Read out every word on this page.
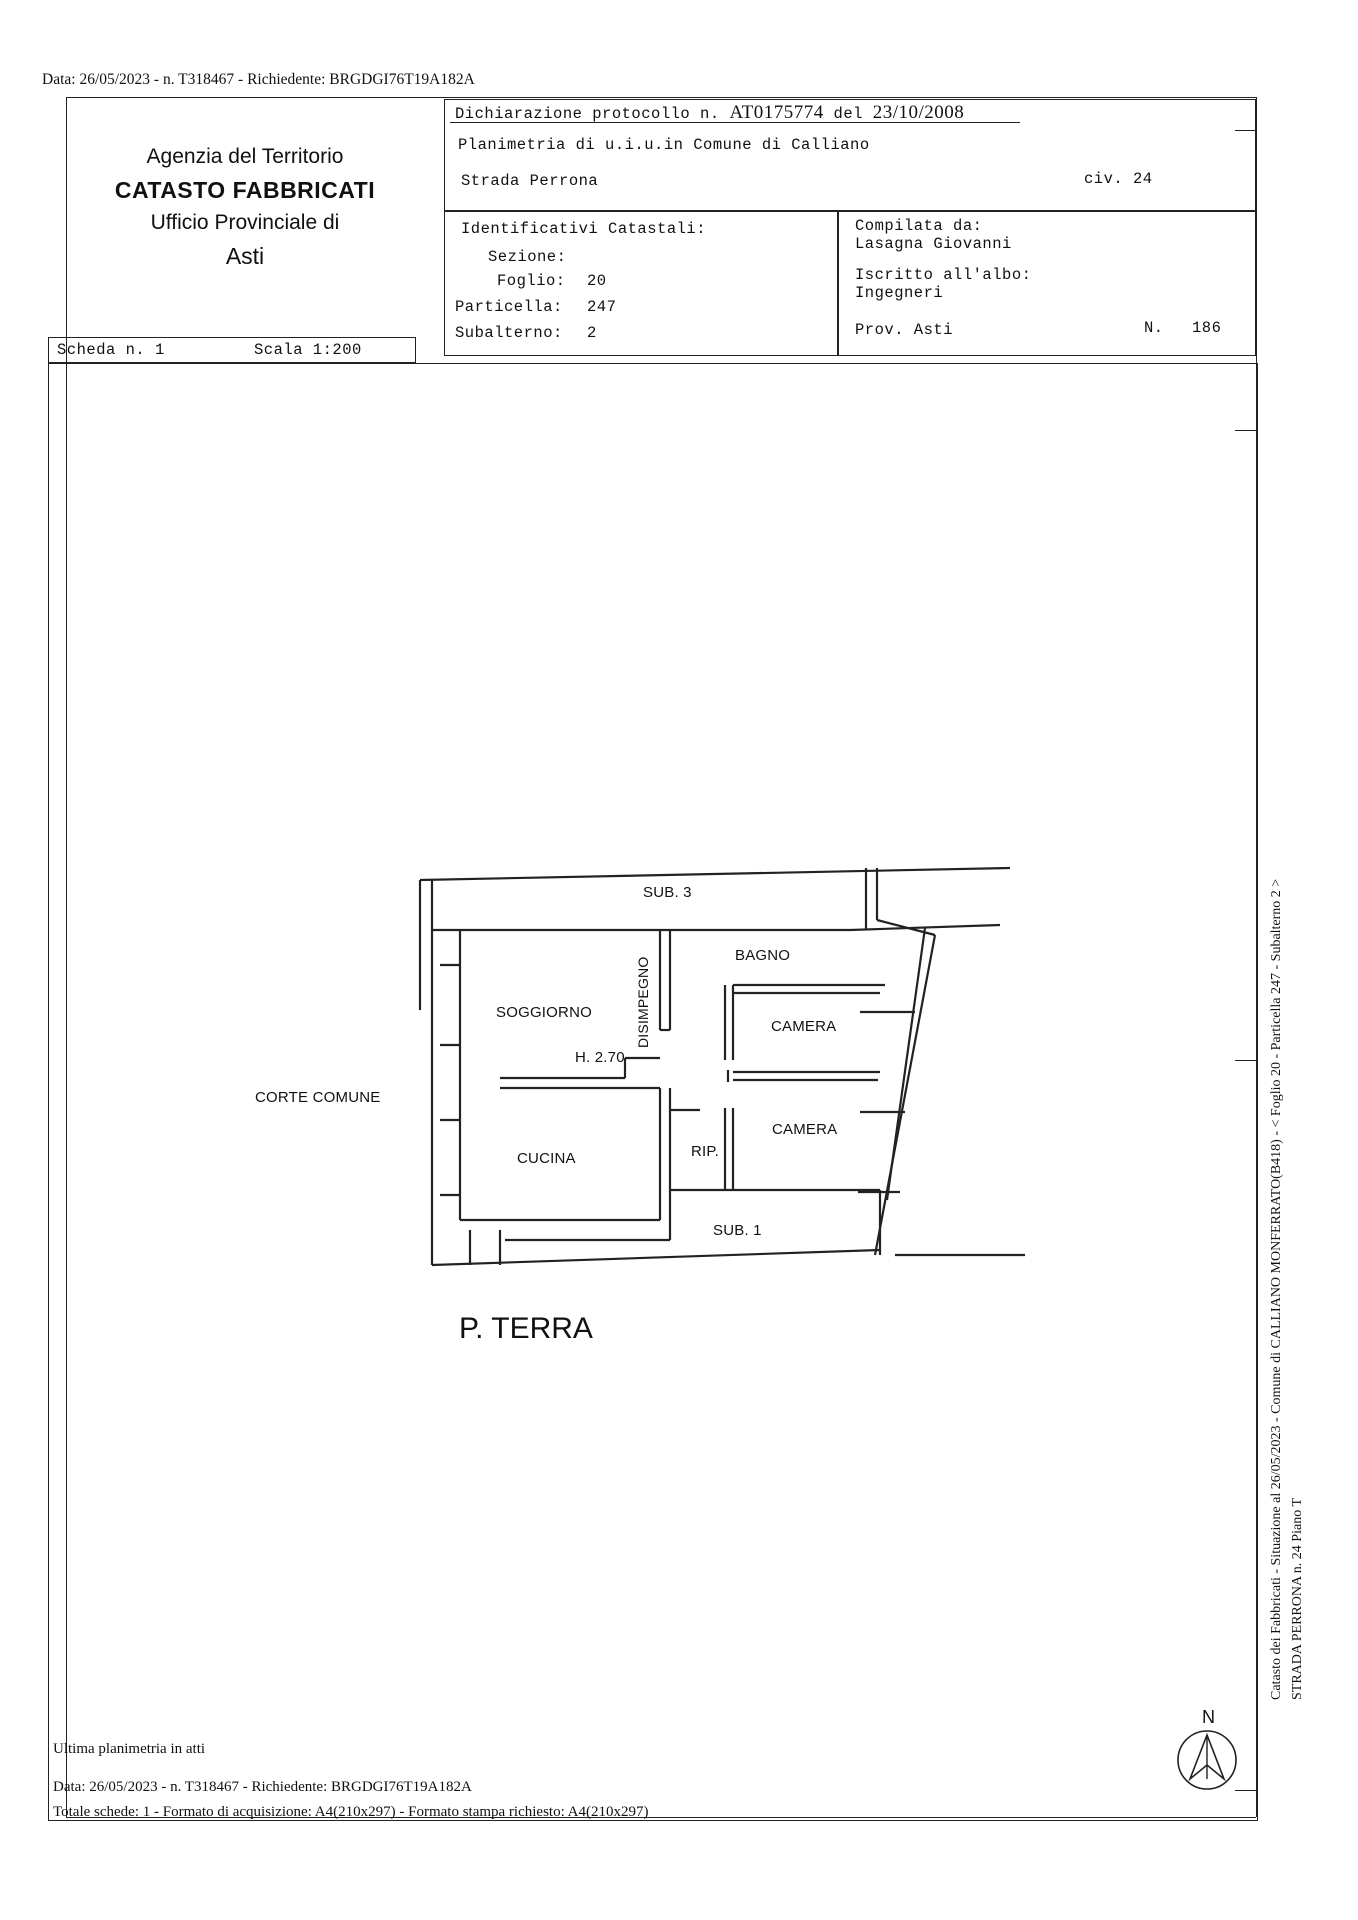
Data: 26/05/2023 - n. T318467 - Richiedente: BRGDGI76T19A182A
Agenzia del Territorio
CATASTO FABBRICATI
Ufficio Provinciale di
Asti
Dichiarazione protocollo n. AT0175774 del 23/10/2008
Planimetria di u.i.u.in Comune di Calliano
Strada Perrona	civ. 24
Identificativi Catastali:
Sezione:
Foglio: 20
Particella: 247
Subalterno: 2
Compilata da:
Lasagna Giovanni
Iscritto all'albo:
Ingegneri
Prov. Asti	N. 186
Scheda n. 1	Scala 1:200
SUB. 3
BAGNO
SOGGIORNO
H. 2.70
DISIMPEGNO	CAMERA
CAMERA
CUCINA	RIP.
SUB. 1
CORTE COMUNE
P. TERRA
N
Ultima planimetria in atti
Data: 26/05/2023 - n. T318467 - Richiedente: BRGDGI76T19A182A
Totale schede: 1 - Formato di acquisizione: A4(210x297) - Formato stampa richiesto: A4(210x297)
Catasto dei Fabbricati - Situazione al 26/05/2023 - Comune di CALLIANO MONFERRATO(B418) - < Foglio 20 - Particella 247 - Subalterno 2 > STRADA PERRONA n. 24 Piano T
